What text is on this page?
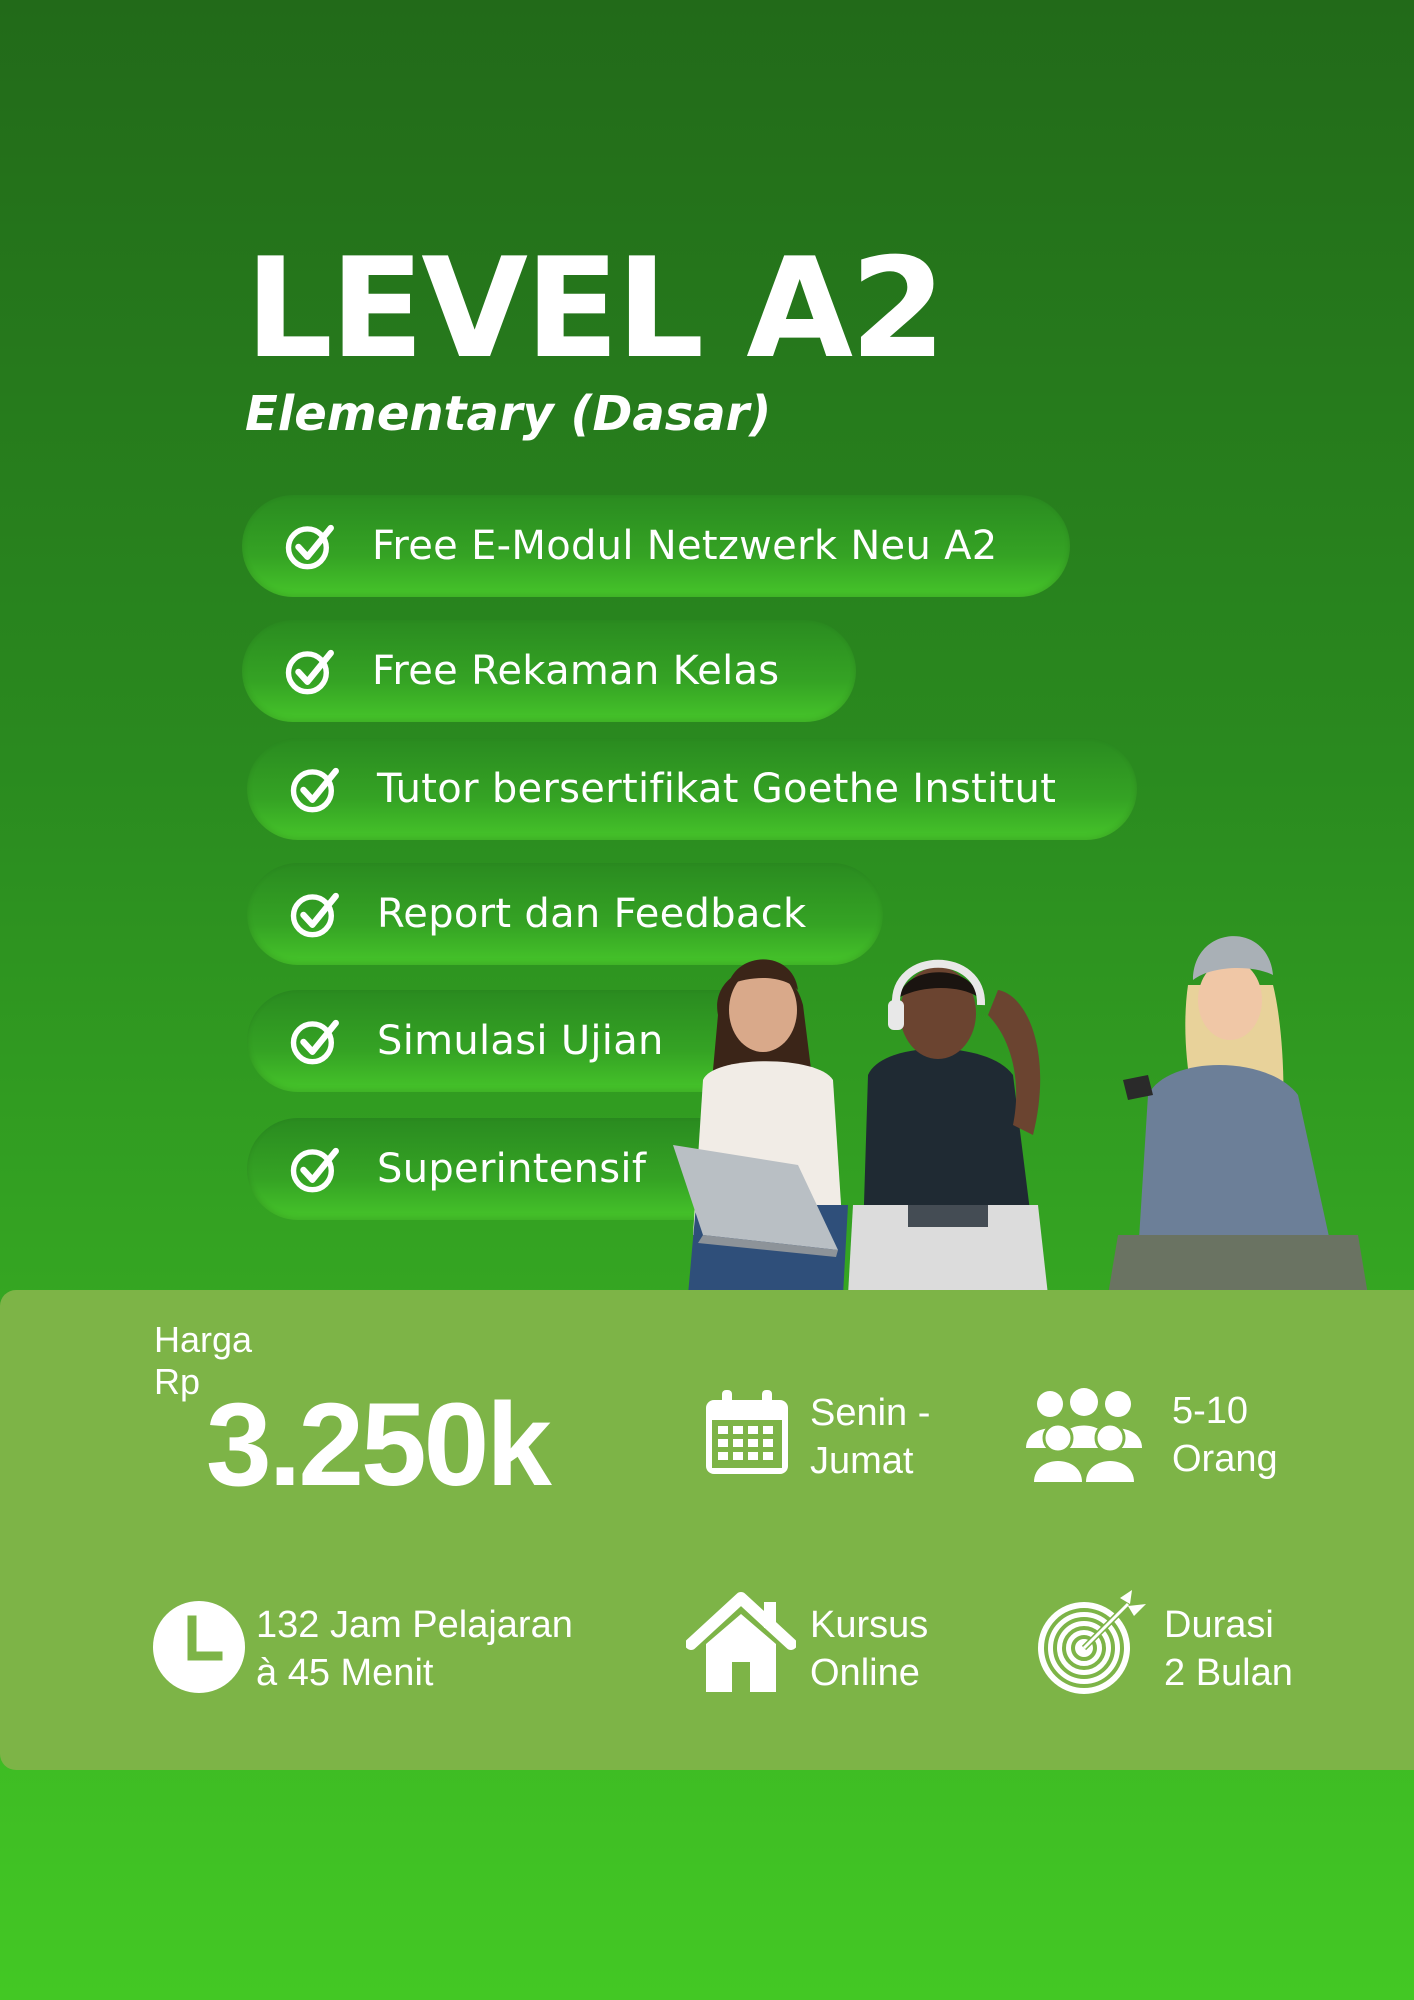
LEVEL A2
Elementary (Dasar)
Free E-Modul Netzwerk Neu A2
Free Rekaman Kelas
Tutor bersertifikat Goethe Institut
Report dan Feedback
Simulasi Ujian
Superintensif
Harga
Rp 3.250k	Senin -
Jumat
5-10
Orang
132 Jam Pelajaran
à 45 Menit
Kursus
Online
Durasi
2 Bulan
